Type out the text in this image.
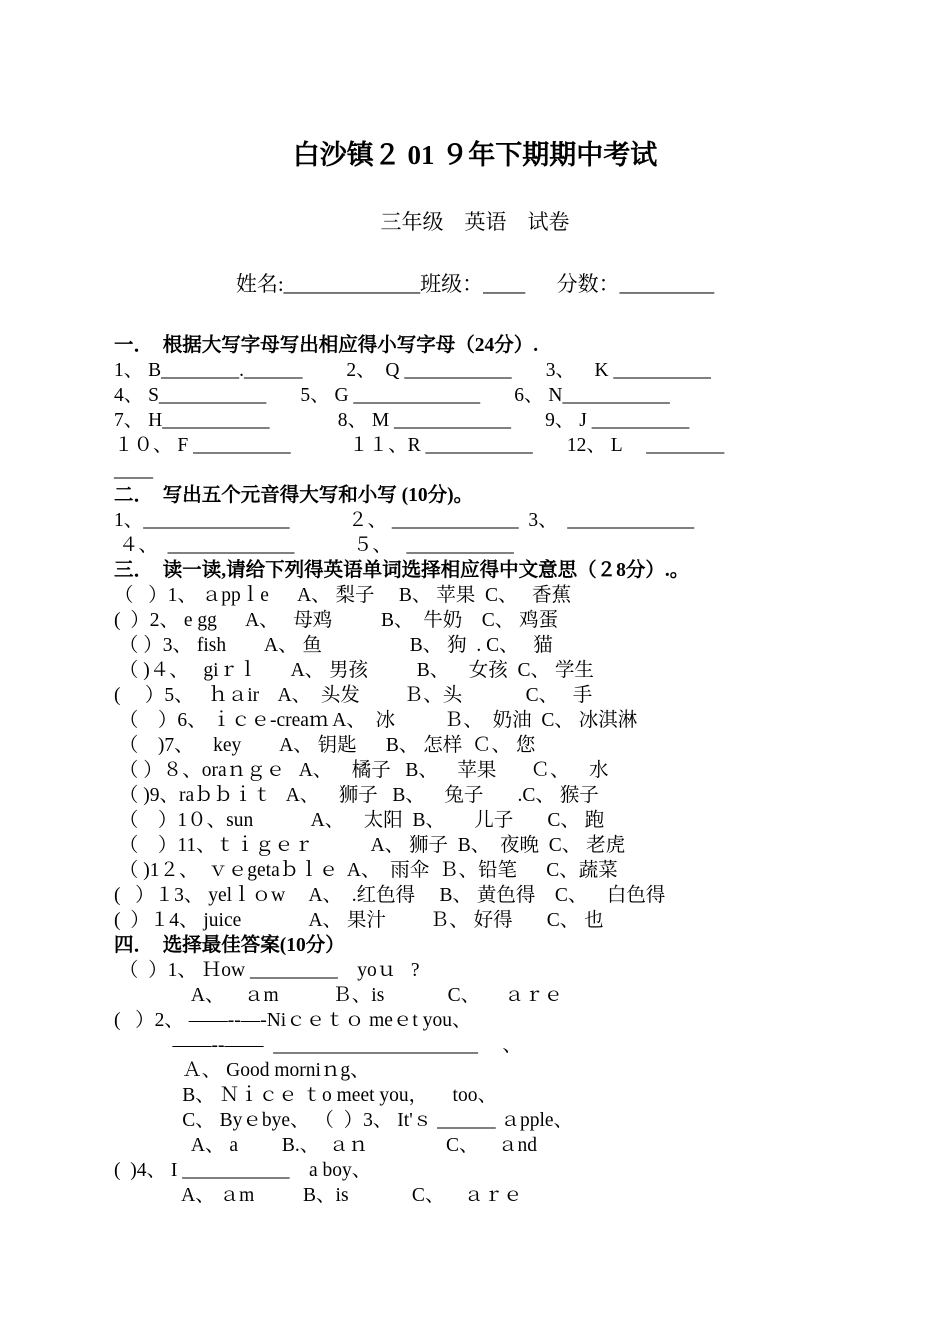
白沙镇２ 01 ９年下期期中考试
三年级    英语    试卷
姓名:_____________班级：____      分数：_________
一．  根据大写字母写出相应得小写字母（24分）.
1、 B________.______         2、  Q ___________       3、    K __________
4、 S___________       5、 G _____________       6、 N___________
7、 H___________              8、 M ____________       9、 J __________
１０、 F __________            １１、R ___________       12、 L     ________
____
二．  写出五个元音得大写和小写 (10分)。
1、_______________            ２、 _____________  3、  _____________
４、  _____________            ５、   ___________
三．  读一读,请给下列得英语单词选择相应得中文意思（２8分）.。
（   ）1、 ａppｌe      A、 梨子     B、 苹果  C、   香蕉
(  ）2、 e gg      A、   母鸡          B、  牛奶    C、 鸡蛋
（ ）3、 fish        A、 鱼                  B、 狗  . C、   猫
（ )４、   giｒｌ       A、 男孩          B、    女孩  C、 学生
(     ）5、   ｈａir    A、  头发         Ｂ、头             C、   手
（    ）6、 ｉｃｅ-creaｍ A、  冰          Ｂ、  奶油  C、 冰淇淋
（    )7、    key        A、 钥匙      B、 怎样  Ｃ、 您
（ ）８、oraｎｇｅ   A、    橘子   B、    苹果       Ｃ、    水
（ )9、raｂｂｉｔ   A、    狮子   B、    兔子       .C、 猴子
（    ）1０、sun            A、    太阳  B、      儿子       C、 跑
（    ）11、ｔｉｇｅｒ            A、 狮子  B、  夜晚  C、 老虎
（ )1２、  ｖｅgetaｂｌｅ  A、  雨伞  Ｂ、铅笔      C、蔬菜
(   ）１3、 yelｌｏw     A、  .红色得     B、 黄色得    C、    白色得
(  ）１4、 juice              A、 果汁         Ｂ、 好得       C、 也
四．  选择最佳答案(10分）
（  ）1、 Ｈow _________    yoｕ   ?
A、    ａm           Ｂ、is             C、     ａｒｅ
(   ）2、 ——--—-Niｃｅｔｏ meｅt you、
——--——  _____________________     、
Ａ、 Good morniｎg、
B、 Ｎｉｃｅ ｔo meet you，     too、
C、 Byｅbye、 （  ）3、 It'ｓ ______ ａpple、
A、 a         B.、  ａｎ                C、    ａnd
(  )4、 I ___________    a boy、
A、 ａm          B、is             C、    ａｒｅ
